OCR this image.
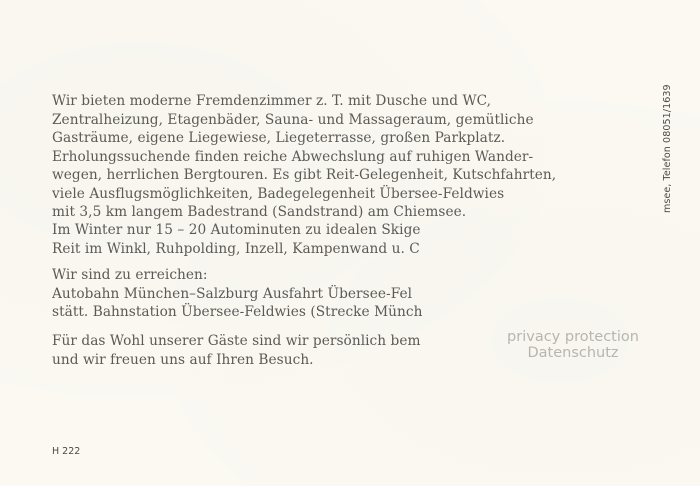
Wir bieten moderne Fremdenzimmer z. T. mit Dusche und WC,
Zentralheizung, Etagenbäder, Sauna- und Massageraum, gemütliche
Gasträume, eigene Liegewiese, Liegeterrasse, großen Parkplatz.
Erholungssuchende finden reiche Abwechslung auf ruhigen Wander-
wegen, herrlichen Bergtouren. Es gibt Reit-Gelegenheit, Kutschfahrten,
viele Ausflugsmöglichkeiten, Badegelegenheit Übersee-Feldwies
mit 3,5 km langem Badestrand (Sandstrand) am Chiemsee.
Im Winter nur 15 – 20 Autominuten zu idealen Skige
Reit im Winkl, Ruhpolding, Inzell, Kampenwand u. C
Wir sind zu erreichen:
Autobahn München–Salzburg Ausfahrt Übersee-Fel
stätt. Bahnstation Übersee-Feldwies (Strecke Münch
Für das Wohl unserer Gäste sind wir persönlich bem
und wir freuen uns auf Ihren Besuch.
msee, Telefon 08051/1639
privacy protection
Datenschutz
H 222
